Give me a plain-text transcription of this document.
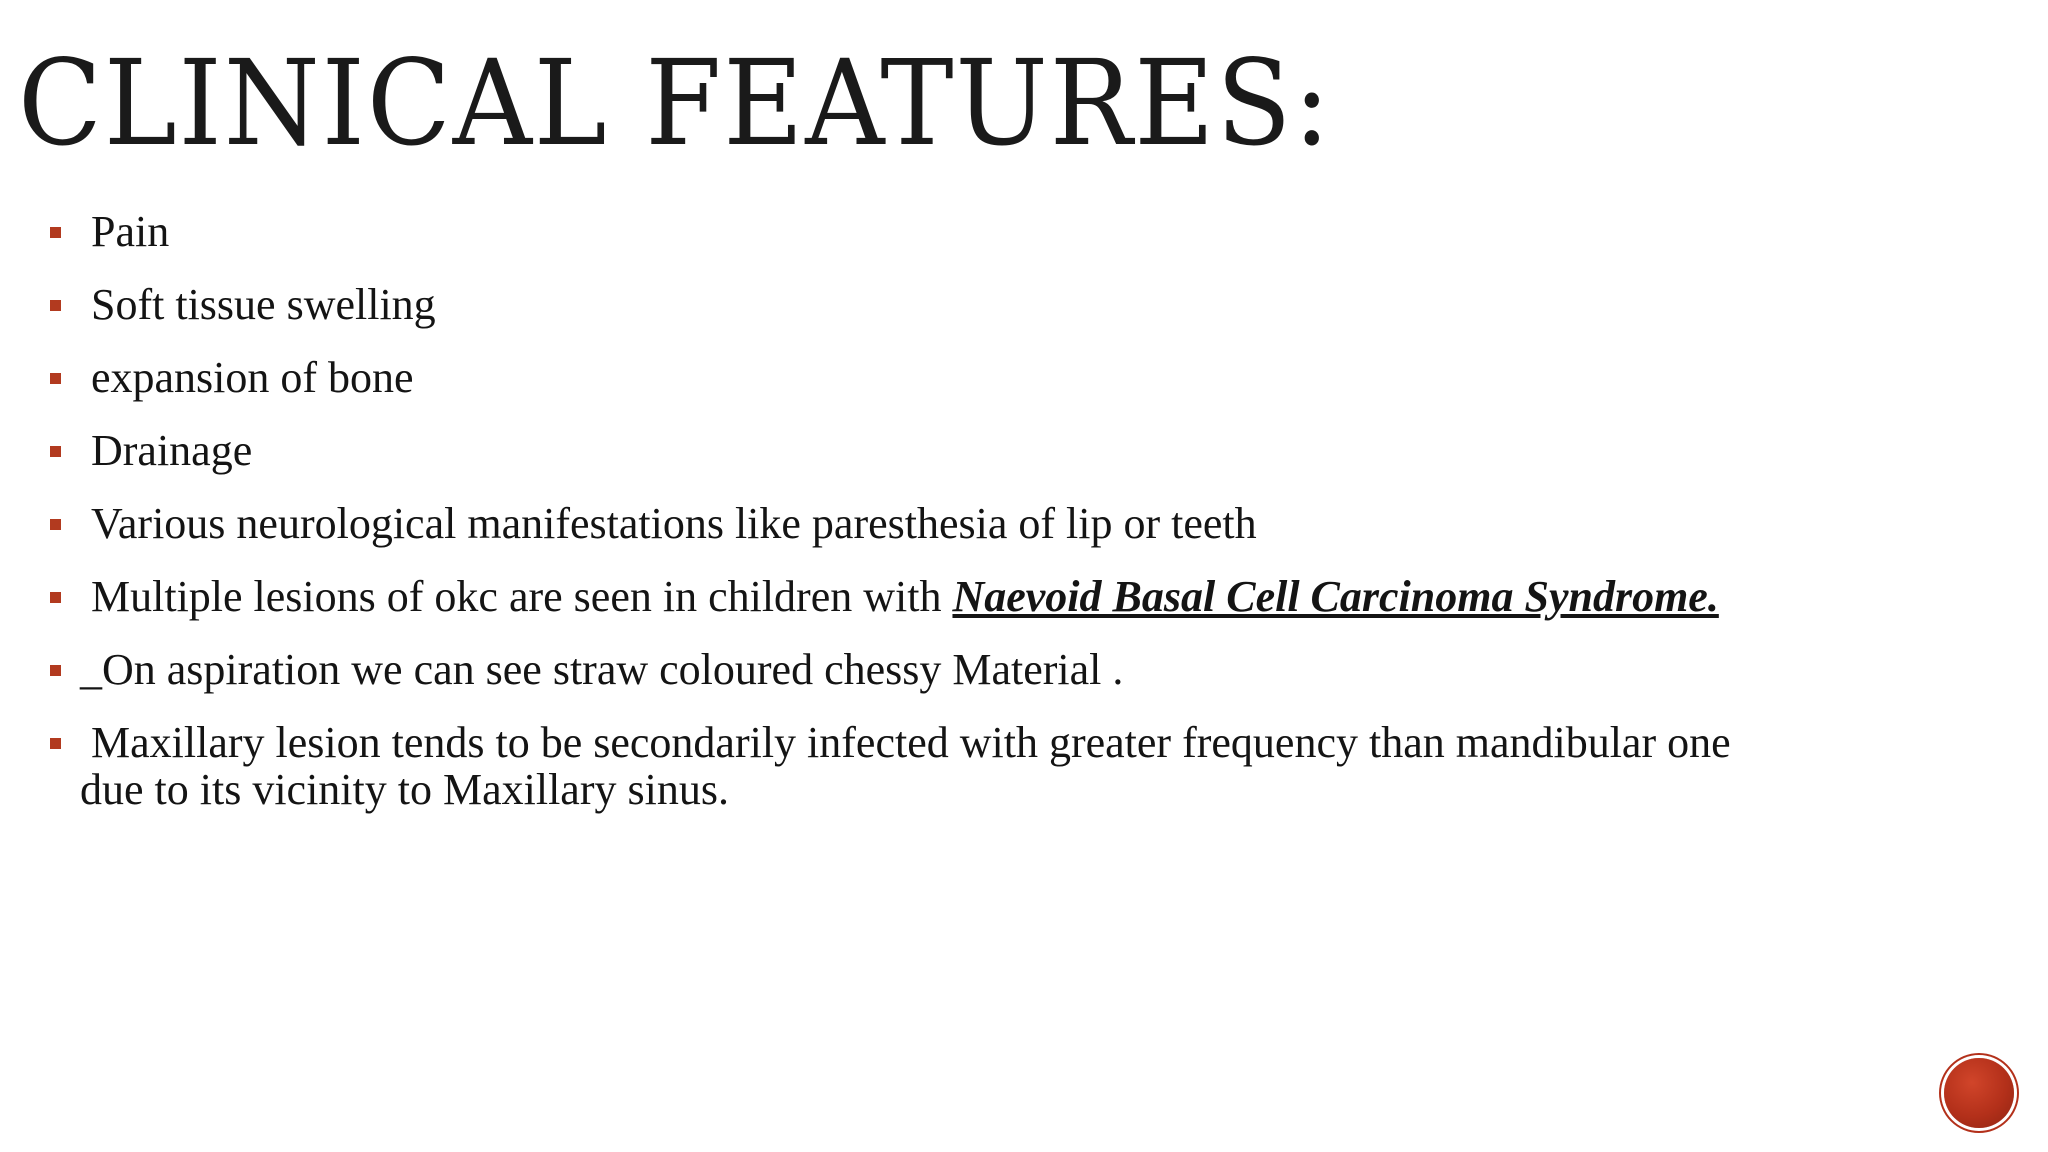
CLINICAL FEATURES:
Pain
Soft tissue swelling
expansion of bone
Drainage
Various neurological manifestations like paresthesia of lip or teeth
Multiple lesions of okc are seen in children with Naevoid Basal Cell Carcinoma Syndrome.
_On aspiration we can see straw coloured chessy Material .
Maxillary lesion tends to be secondarily infected with greater frequency than mandibular one due to its vicinity to Maxillary sinus.
